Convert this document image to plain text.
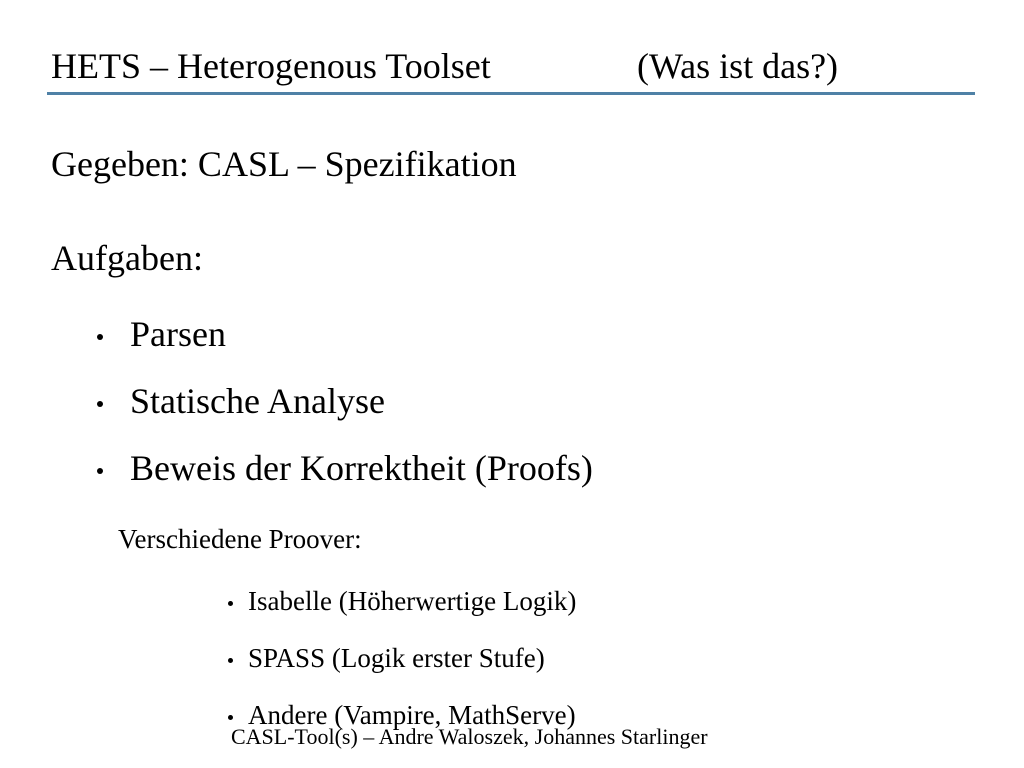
HETS – Heterogenous Toolset	(Was ist das?)
Gegeben: CASL – Spezifikation
Aufgaben:
Parsen
Statische Analyse
Beweis der Korrektheit (Proofs)
Verschiedene Proover:
Isabelle (Höherwertige Logik)
SPASS (Logik erster Stufe)
Andere (Vampire, MathServe)
CASL-Tool(s) – Andre Waloszek, Johannes Starlinger
